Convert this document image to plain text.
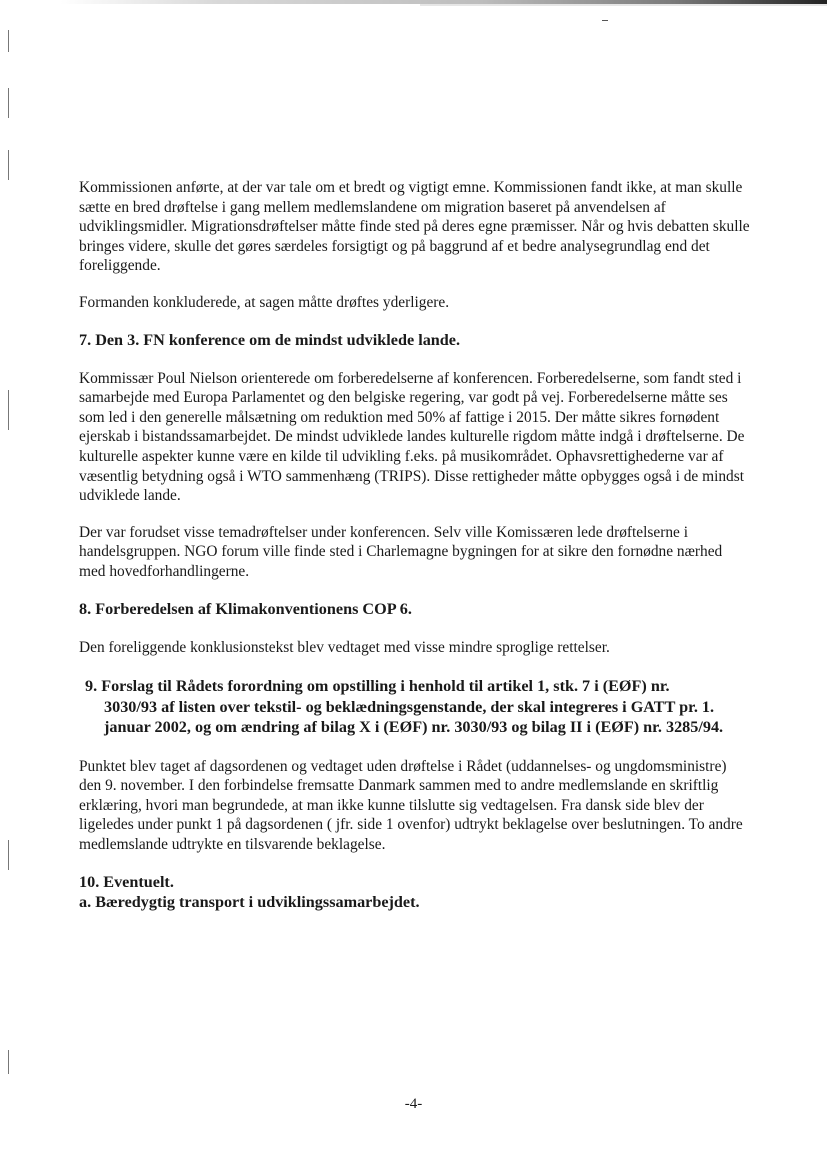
Kommissionen anførte, at der var tale om et bredt og vigtigt emne. Kommissionen fandt ikke, at man skulle sætte en bred drøftelse i gang mellem medlemslandene om migration baseret på anvendelsen af udviklingsmidler. Migrationsdrøftelser måtte finde sted på deres egne præmisser. Når og hvis debatten skulle bringes videre, skulle det gøres særdeles forsigtigt og på baggrund af et bedre analysegrundlag end det foreliggende.

Formanden konkluderede, at sagen måtte drøftes yderligere.

7. Den 3. FN konference om de mindst udviklede lande.

Kommissær Poul Nielson orienterede om forberedelserne af konferencen. Forberedelserne, som fandt sted i samarbejde med Europa Parlamentet og den belgiske regering, var godt på vej. Forberedelserne måtte ses som led i den generelle målsætning om reduktion med 50% af fattige i 2015. Der måtte sikres fornødent ejerskab i bistandssamarbejdet. De mindst udviklede landes kulturelle rigdom måtte indgå i drøftelserne. De kulturelle aspekter kunne være en kilde til udvikling f.eks. på musikområdet. Ophavsrettighederne var af væsentlig betydning også i WTO sammenhæng (TRIPS). Disse rettigheder måtte opbygges også i de mindst udviklede lande.

Der var forudset visse temadrøftelser under konferencen. Selv ville Komissæren lede drøftelserne i handelsgruppen. NGO forum ville finde sted i Charlemagne bygningen for at sikre den fornødne nærhed med hovedforhandlingerne.

8. Forberedelsen af Klimakonventionens COP 6.

Den foreliggende konklusionstekst blev vedtaget med visse mindre sproglige rettelser.

9. Forslag til Rådets forordning om opstilling i henhold til artikel 1, stk. 7 i (EØF) nr.
3030/93 af listen over tekstil- og beklædningsgenstande, der skal integreres i GATT pr. 1. januar 2002, og om ændring af bilag X i (EØF) nr. 3030/93 og bilag II i (EØF) nr. 3285/94.

Punktet blev taget af dagsordenen og vedtaget uden drøftelse i Rådet (uddannelses- og ungdomsministre) den 9. november. I den forbindelse fremsatte Danmark sammen med to andre medlemslande en skriftlig erklæring, hvori man begrundede, at man ikke kunne tilslutte sig vedtagelsen. Fra dansk side blev der ligeledes under punkt 1 på dagsordenen ( jfr. side 1 ovenfor) udtrykt beklagelse over beslutningen. To andre medlemslande udtrykte en tilsvarende beklagelse.

10. Eventuelt.
a. Bæredygtig transport i udviklingssamarbejdet.
-4-
